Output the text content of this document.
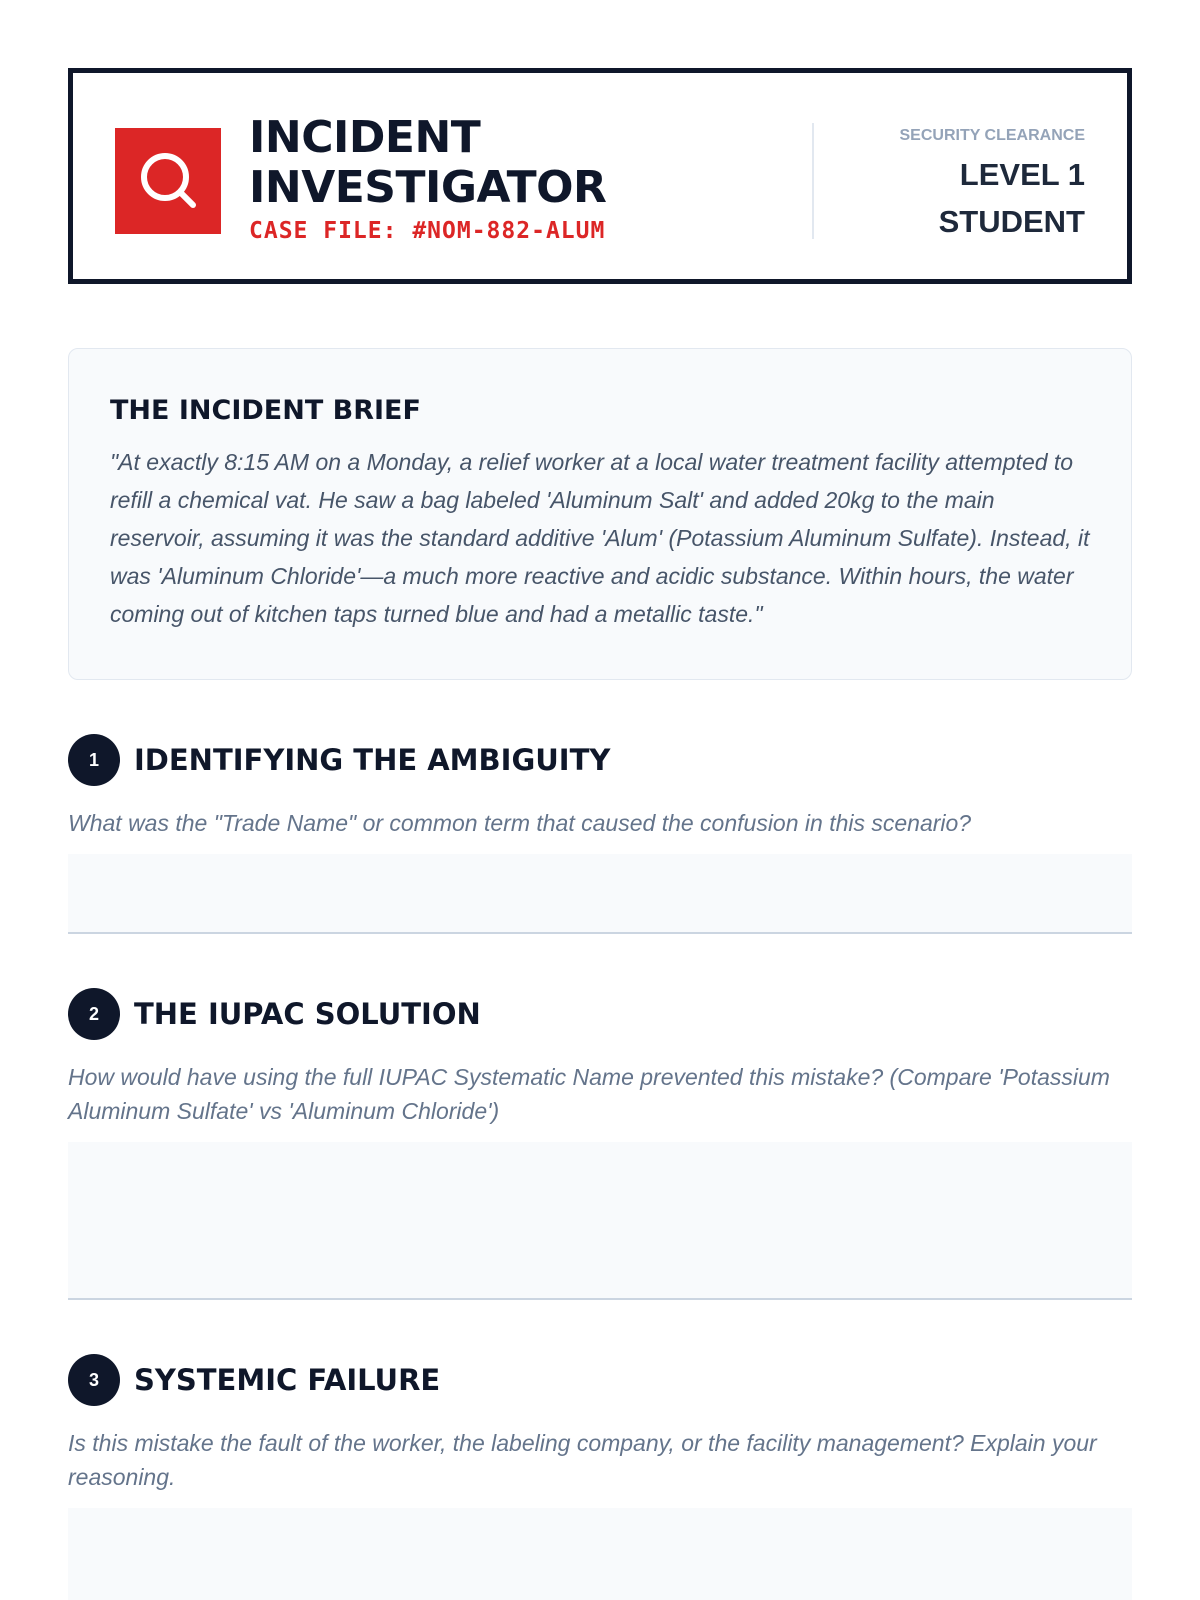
INCIDENT
INVESTIGATOR
CASE FILE: #NOM-882-ALUM
SECURITY CLEARANCE
LEVEL 1 STUDENT
THE INCIDENT BRIEF

"At exactly 8:15 AM on a Monday, a relief worker at a local water treatment facility attempted to refill a chemical vat. He saw a bag labeled 'Aluminum Salt' and added 20kg to the main reservoir, assuming it was the standard additive 'Alum' (Potassium Aluminum Sulfate). Instead, it was 'Aluminum Chloride'—a much more reactive and acidic substance. Within hours, the water coming out of kitchen taps turned blue and had a metallic taste."

1	IDENTIFYING THE AMBIGUITY

What was the "Trade Name" or common term that caused the confusion in this scenario?

2	THE IUPAC SOLUTION

How would have using the full IUPAC Systematic Name prevented this mistake? (Compare 'Potassium Aluminum Sulfate' vs 'Aluminum Chloride')

3	SYSTEMIC FAILURE

Is this mistake the fault of the worker, the labeling company, or the facility management? Explain your reasoning.
